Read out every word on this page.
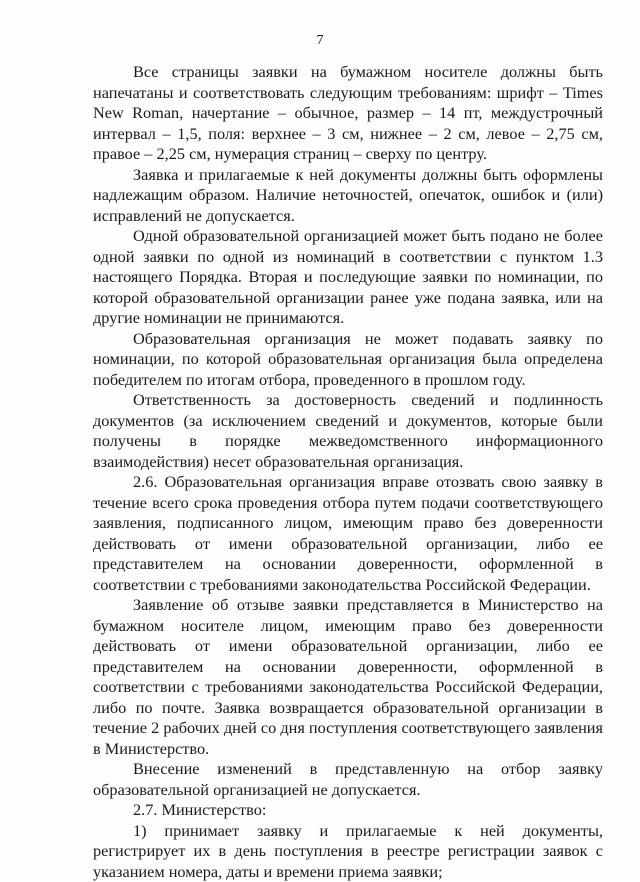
7

Все страницы заявки на бумажном носителе должны быть напечатаны и соответствовать следующим требованиям: шрифт – Times New Roman, начертание – обычное, размер – 14 пт, междустрочный интервал – 1,5, поля: верхнее – 3 см, нижнее – 2 см, левое – 2,75 см, правое – 2,25 см, нумерация страниц – сверху по центру.

Заявка и прилагаемые к ней документы должны быть оформлены надлежащим образом. Наличие неточностей, опечаток, ошибок и (или) исправлений не допускается.

Одной образовательной организацией может быть подано не более одной заявки по одной из номинаций в соответствии с пунктом 1.3 настоящего Порядка. Вторая и последующие заявки по номинации, по которой образовательной организации ранее уже подана заявка, или на другие номинации не принимаются.

Образовательная организация не может подавать заявку по номинации, по которой образовательная организация была определена победителем по итогам отбора, проведенного в прошлом году.

Ответственность за достоверность сведений и подлинность документов (за исключением сведений и документов, которые были получены в порядке межведомственного информационного взаимодействия) несет образовательная организация.

2.6. Образовательная организация вправе отозвать свою заявку в течение всего срока проведения отбора путем подачи соответствующего заявления, подписанного лицом, имеющим право без доверенности действовать от имени образовательной организации, либо ее представителем на основании доверенности, оформленной в соответствии с требованиями законодательства Российской Федерации.

Заявление об отзыве заявки представляется в Министерство на бумажном носителе лицом, имеющим право без доверенности действовать от имени образовательной организации, либо ее представителем на основании доверенности, оформленной в соответствии с требованиями законодательства Российской Федерации, либо по почте. Заявка возвращается образовательной организации в течение 2 рабочих дней со дня поступления соответствующего заявления в Министерство.

Внесение изменений в представленную на отбор заявку образовательной организацией не допускается.

2.7. Министерство:

1) принимает заявку и прилагаемые к ней документы, регистрирует их в день поступления в реестре регистрации заявок с указанием номера, даты и времени приема заявки;
